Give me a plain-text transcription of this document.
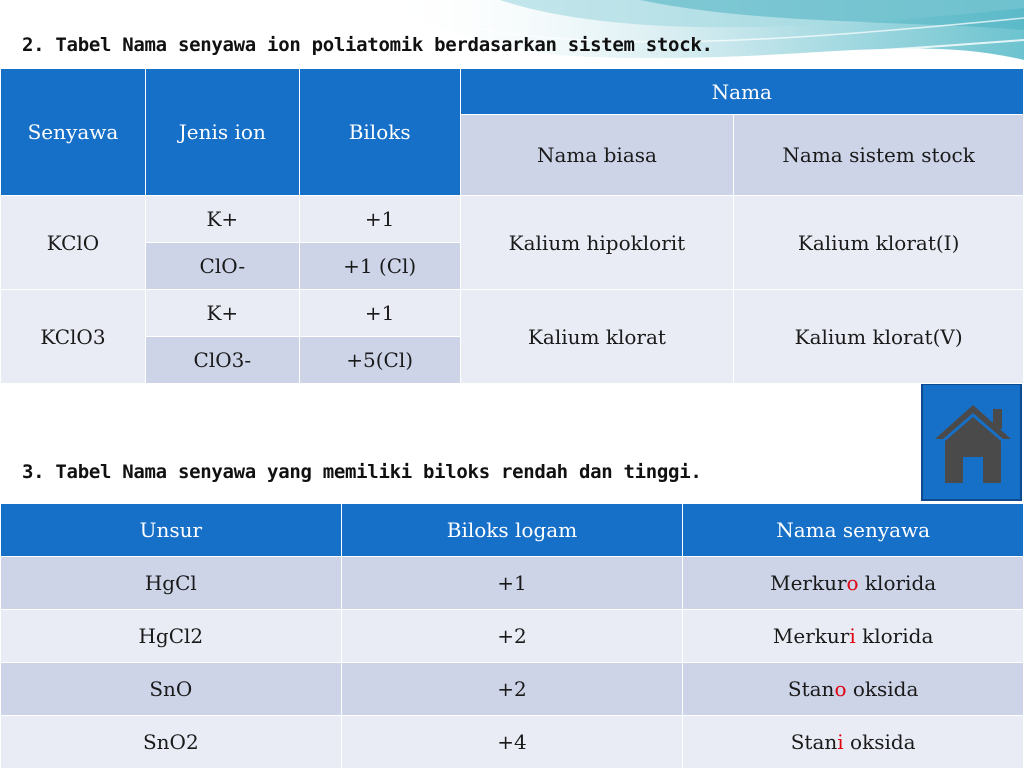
2. Tabel Nama senyawa ion poliatomik berdasarkan sistem stock.
Senyawa	Jenis ion	Biloks	Nama	
			Nama biasa	Nama sistem stock
KClO	K+	+1	Kalium hipoklorit	Kalium klorat(I)
	ClO-	+1 (Cl)		
KClO3	K+	+1	Kalium klorat	Kalium klorat(V)
	ClO3-	+5(Cl)		
3. Tabel Nama senyawa yang memiliki biloks rendah dan tinggi.
Unsur	Biloks logam	Nama senyawa
HgCl	+1	Merkuro klorida
HgCl2	+2	Merkuri klorida
SnO	+2	Stano oksida
SnO2	+4	Stani oksida
